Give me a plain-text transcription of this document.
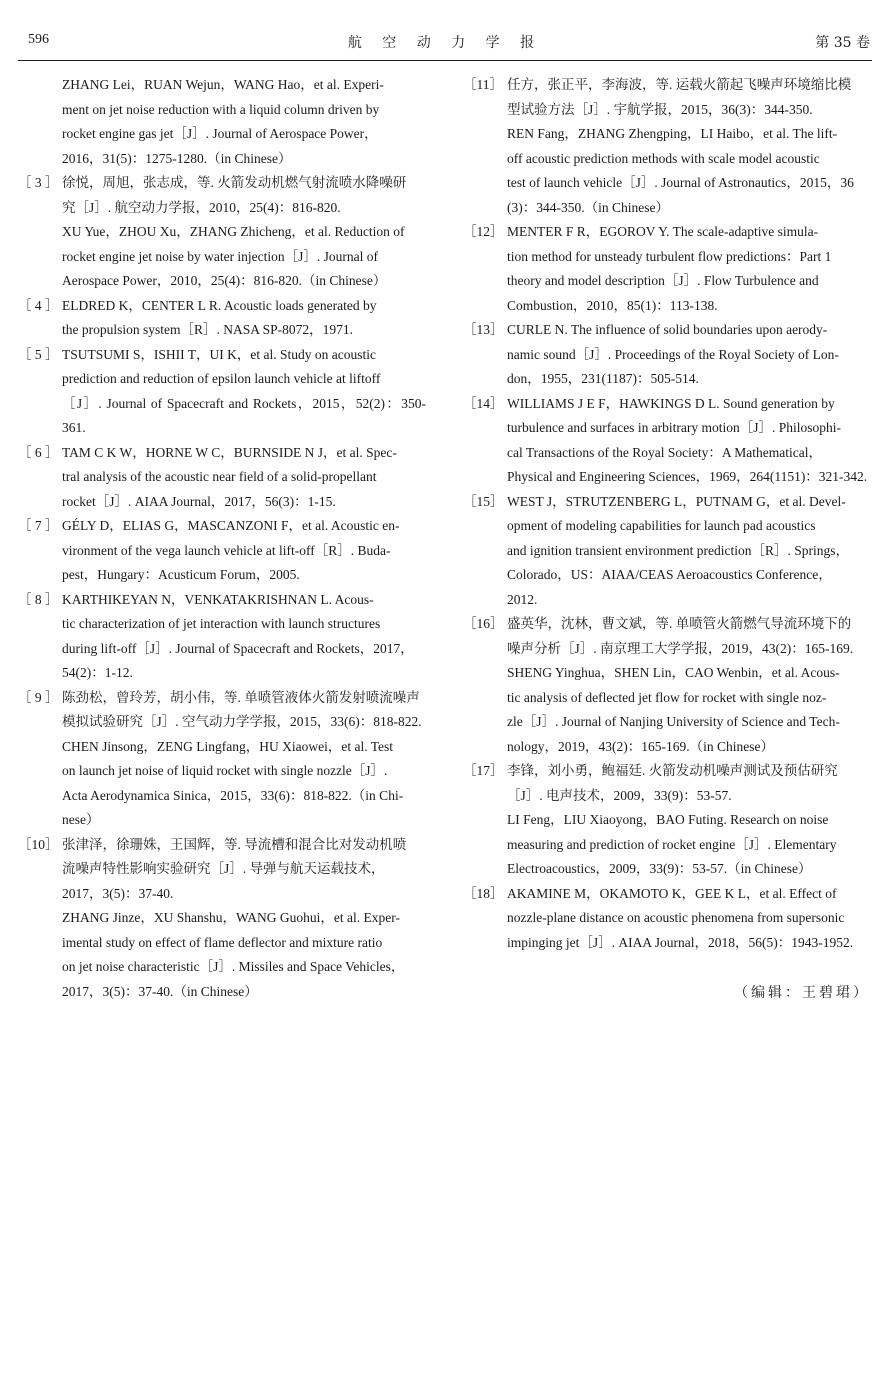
596	航 空 动 力 学 报	第 35 卷
ZHANG Lei，RUAN Wejun，WANG Hao，et al. Experi-
ment on jet noise reduction with a liquid column driven by
rocket engine gas jet［J］. Journal of Aerospace Power，
2016，31(5)：1275-1280.（in Chinese）
［ 3 ］ 徐悦，周旭，张志成，等. 火箭发动机燃气射流喷水降噪研
究［J］. 航空动力学报，2010，25(4)：816-820.
XU Yue，ZHOU Xu，ZHANG Zhicheng，et al. Reduction of
rocket engine jet noise by water injection［J］. Journal of
Aerospace Power，2010，25(4)：816-820.（in Chinese）
［ 4 ］ ELDRED K，CENTER L R. Acoustic loads generated by
the propulsion system［R］. NASA SP-8072，1971.
［ 5 ］ TSUTSUMI S，ISHII T，UI K，et al. Study on acoustic
prediction and reduction of epsilon launch vehicle at liftoff
［J］. Journal of Spacecraft and Rockets，2015，52(2)：350-361.
［ 6 ］ TAM C K W，HORNE W C，BURNSIDE N J，et al. Spec-
tral analysis of the acoustic near field of a solid-propellant
rocket［J］. AIAA Journal，2017，56(3)：1-15.
［ 7 ］ GÉLY D，ELIAS G，MASCANZONI F，et al. Acoustic en-
vironment of the vega launch vehicle at lift-off［R］. Buda-
pest，Hungary：Acusticum Forum，2005.
［ 8 ］ KARTHIKEYAN N，VENKATAKRISHNAN L. Acous-
tic characterization of jet interaction with launch structures
during lift-off［J］. Journal of Spacecraft and Rockets，2017，
54(2)：1-12.
［ 9 ］ 陈劲松，曾玲芳，胡小伟，等. 单喷管液体火箭发射喷流噪声
模拟试验研究［J］. 空气动力学学报，2015，33(6)：818-822.
CHEN Jinsong，ZENG Lingfang，HU Xiaowei，et al. Test
on launch jet noise of liquid rocket with single nozzle［J］.
Acta Aerodynamica Sinica，2015，33(6)：818-822.（in Chi-
nese）
［10］ 张津泽，徐珊姝，王国辉，等. 导流槽和混合比对发动机喷
流噪声特性影响实验研究［J］. 导弹与航天运载技术，
2017，3(5)：37-40.
ZHANG Jinze，XU Shanshu，WANG Guohui，et al. Exper-
imental study on effect of flame deflector and mixture ratio
on jet noise characteristic［J］. Missiles and Space Vehicles，
2017，3(5)：37-40.（in Chinese）
［11］ 任方，张正平，李海波，等. 运载火箭起飞噪声环境缩比模
型试验方法［J］. 宇航学报，2015，36(3)：344-350.
REN Fang，ZHANG Zhengping，LI Haibo，et al. The lift-
off acoustic prediction methods with scale model acoustic
test of launch vehicle［J］. Journal of Astronautics，2015，36
(3)：344-350.（in Chinese）
［12］ MENTER F R，EGOROV Y. The scale-adaptive simula-
tion method for unsteady turbulent flow predictions：Part 1
theory and model description［J］. Flow Turbulence and
Combustion，2010，85(1)：113-138.
［13］ CURLE N. The influence of solid boundaries upon aerody-
namic sound［J］. Proceedings of the Royal Society of Lon-
don，1955，231(1187)：505-514.
［14］ WILLIAMS J E F，HAWKINGS D L. Sound generation by
turbulence and surfaces in arbitrary motion［J］. Philosophi-
cal Transactions of the Royal Society：A Mathematical，
Physical and Engineering Sciences，1969，264(1151)：321-342.
［15］ WEST J，STRUTZENBERG L，PUTNAM G，et al. Devel-
opment of modeling capabilities for launch pad acoustics
and ignition transient environment prediction［R］. Springs，
Colorado，US：AIAA/CEAS Aeroacoustics Conference，
2012.
［16］ 盛英华，沈林，曹文斌，等. 单喷管火箭燃气导流环境下的
噪声分析［J］. 南京理工大学学报，2019，43(2)：165-169.
SHENG Yinghua，SHEN Lin，CAO Wenbin，et al. Acous-
tic analysis of deflected jet flow for rocket with single noz-
zle［J］. Journal of Nanjing University of Science and Tech-
nology，2019，43(2)：165-169.（in Chinese）
［17］ 李锋，刘小勇，鲍福廷. 火箭发动机噪声测试及预估研究
［J］. 电声技术，2009，33(9)：53-57.
LI Feng，LIU Xiaoyong，BAO Futing. Research on noise
measuring and prediction of rocket engine［J］. Elementary
Electroacoustics，2009，33(9)：53-57.（in Chinese）
［18］ AKAMINE M，OKAMOTO K，GEE K L，et al. Effect of
nozzle-plane distance on acoustic phenomena from supersonic
impinging jet［J］. AIAA Journal，2018，56(5)：1943-1952.
（编辑：王碧珺）
